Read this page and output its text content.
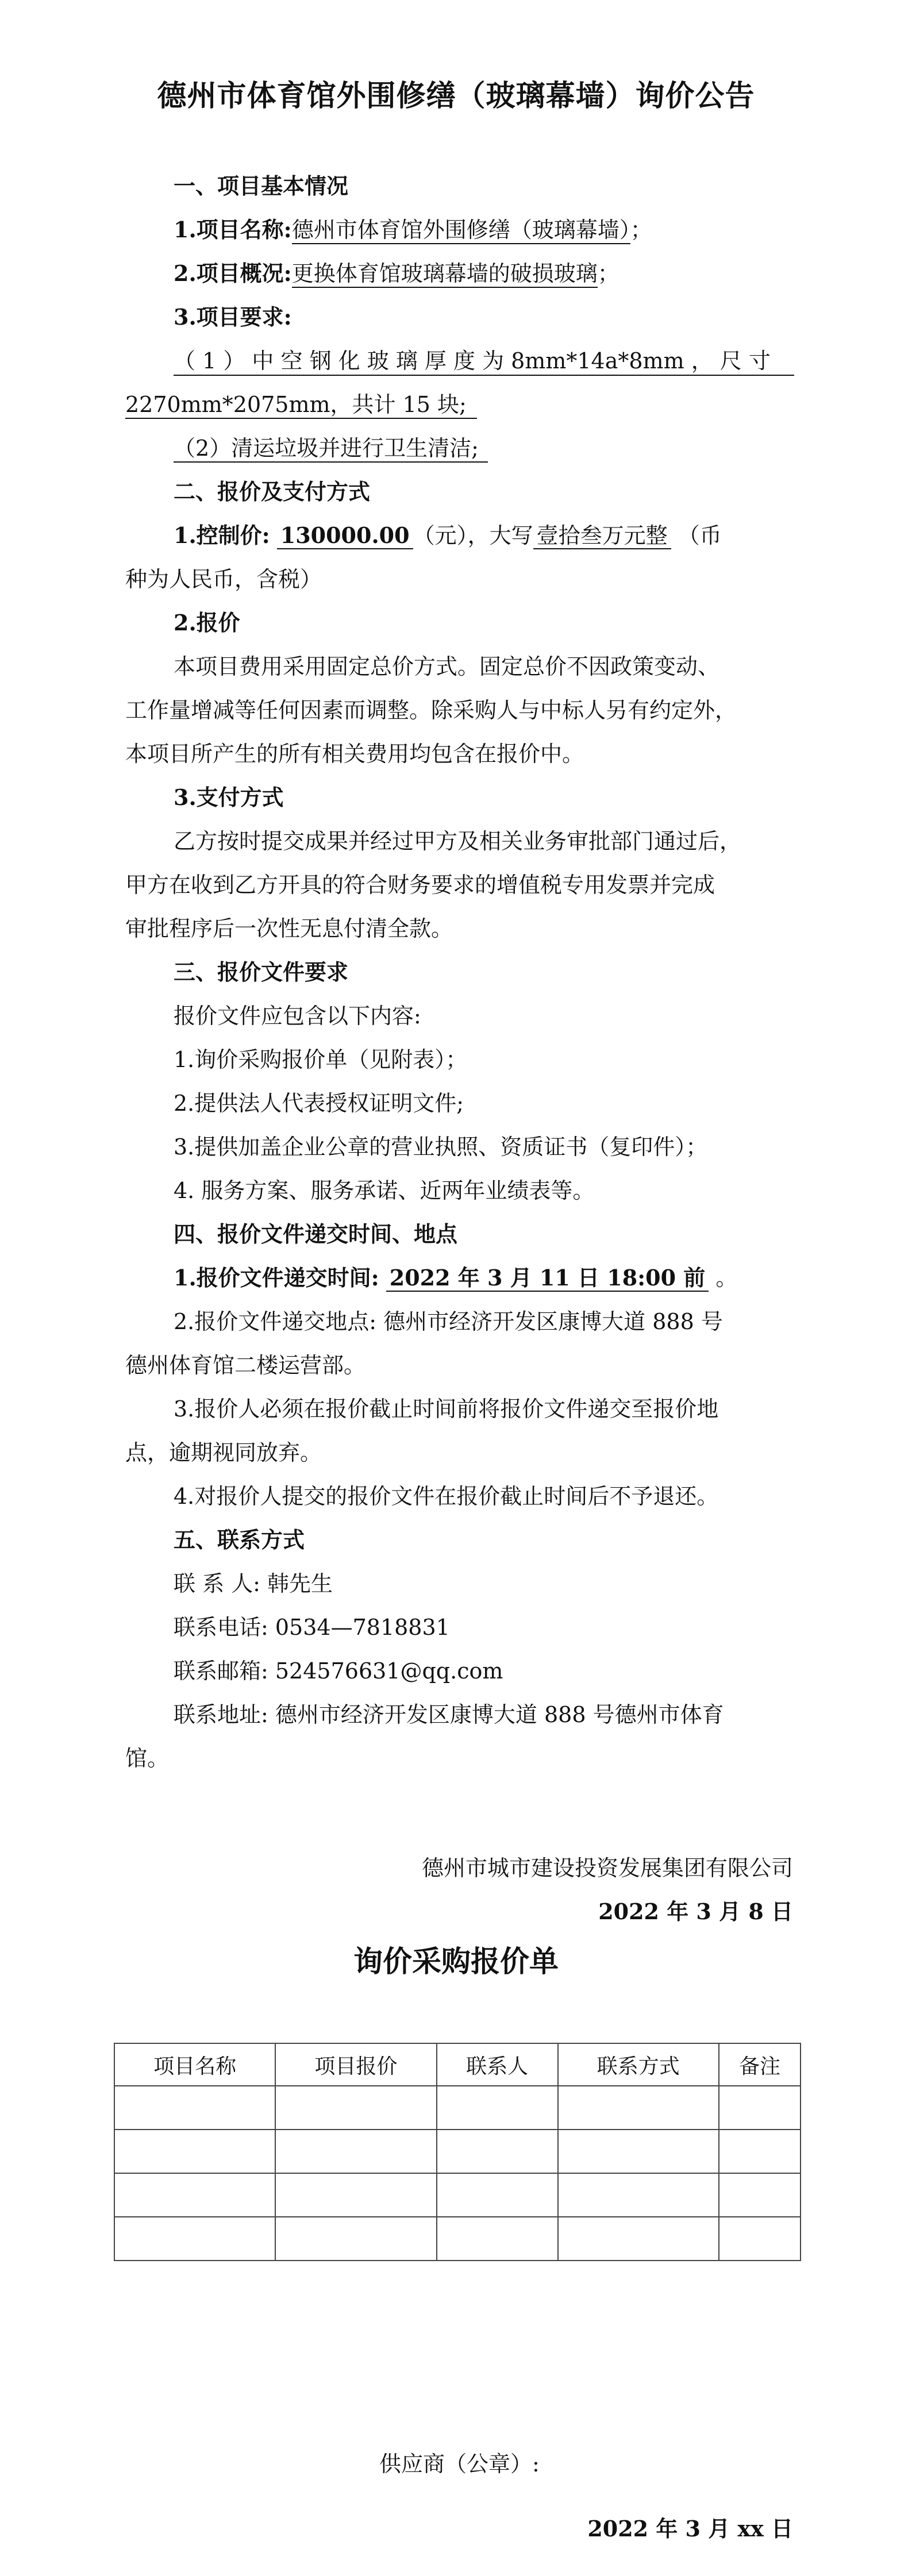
德州市体育馆外围修缮（玻璃幕墙）询价公告
一、项目基本情况
1.项目名称:德州市体育馆外围修缮（玻璃幕墙）；
2.项目概况:更换体育馆玻璃幕墙的破损玻璃；
3.项目要求:
（ 1 ） 中 空 钢 化 玻 璃 厚 度 为 8mm*14a*8mm ， 尺 寸
2270mm*2075mm，共计 15 块;
（2）清运垃圾并进行卫生清洁;
二、报价及支付方式
1.控制价: 130000.00 （元），大写 壹拾叁万元整 （币
种为人民币，含税）
2.报价
本项目费用采用固定总价方式。固定总价不因政策变动、
工作量增减等任何因素而调整。除采购人与中标人另有约定外，
本项目所产生的所有相关费用均包含在报价中。
3.支付方式
乙方按时提交成果并经过甲方及相关业务审批部门通过后，
甲方在收到乙方开具的符合财务要求的增值税专用发票并完成
审批程序后一次性无息付清全款。
三、报价文件要求
报价文件应包含以下内容:
1.询价采购报价单（见附表）；
2.提供法人代表授权证明文件;
3.提供加盖企业公章的营业执照、资质证书（复印件）；
4. 服务方案、服务承诺、近两年业绩表等。
四、报价文件递交时间、地点
1.报价文件递交时间: 2022 年 3 月 11 日 18:00 前 。
2.报价文件递交地点: 德州市经济开发区康博大道 888 号
德州体育馆二楼运营部。
3.报价人必须在报价截止时间前将报价文件递交至报价地
点，逾期视同放弃。
4.对报价人提交的报价文件在报价截止时间后不予退还。
五、联系方式
联 系 人: 韩先生
联系电话: 0534—7818831
联系邮箱: 524576631@qq.com
联系地址: 德州市经济开发区康博大道 888 号德州市体育
馆。
德州市城市建设投资发展集团有限公司
2022 年 3 月 8 日
询价采购报价单
项目名称	项目报价	联系人	联系方式	备注

供应商（公章）:
2022 年 3 月 xx 日
